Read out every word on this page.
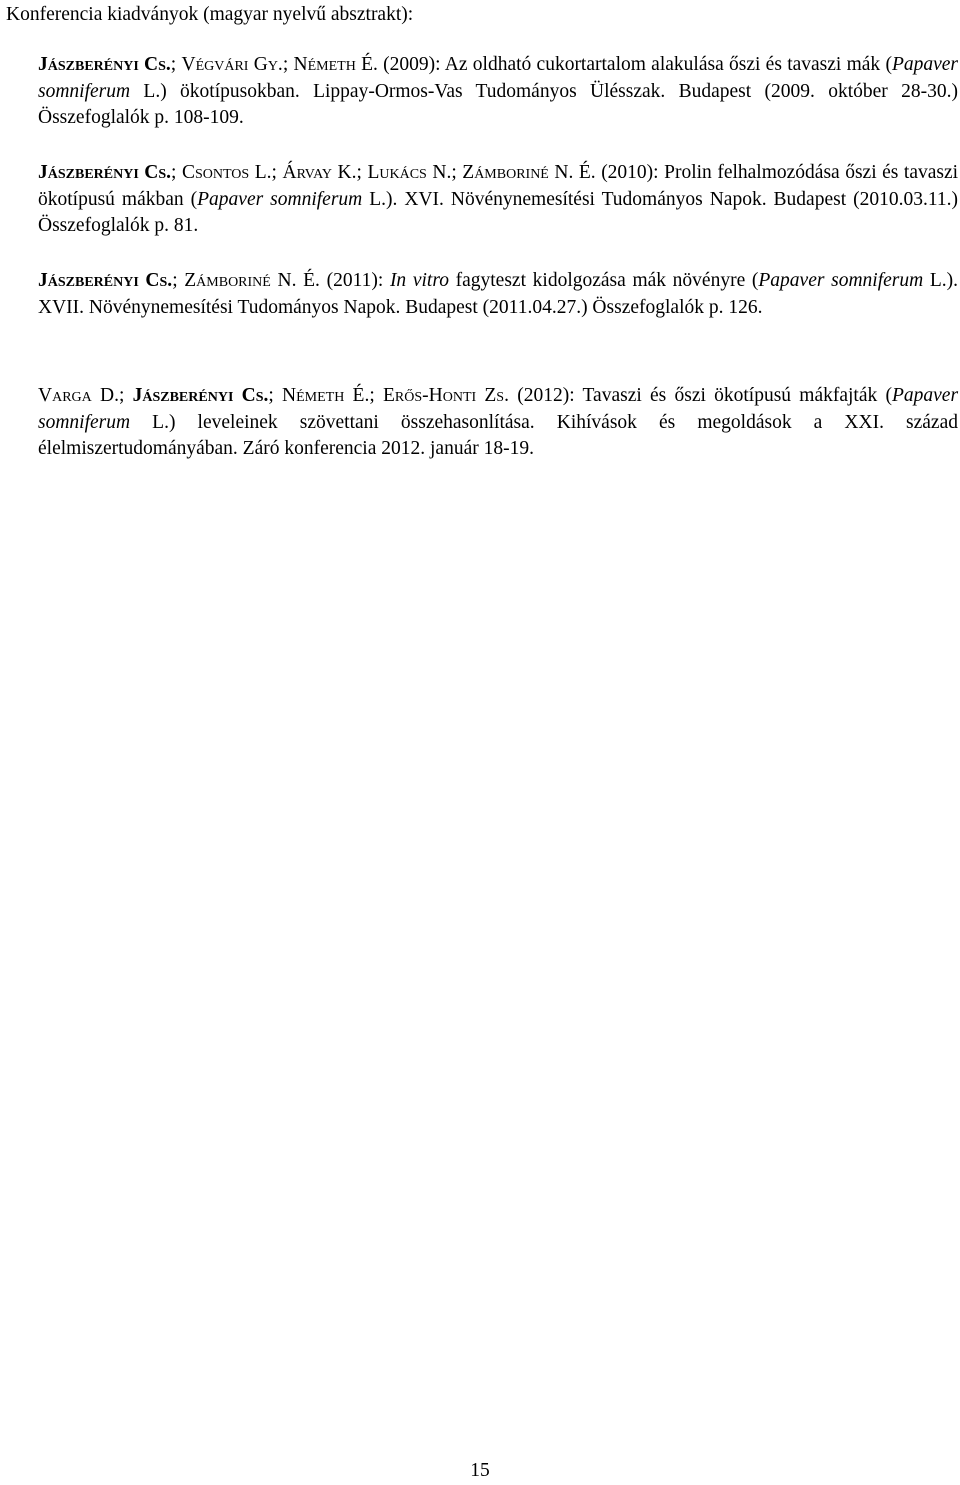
Konferencia kiadványok (magyar nyelvű absztrakt):

Jászberényi Cs.; Végvári Gy.; Németh É. (2009): Az oldható cukortartalom alakulása őszi és tavaszi mák (Papaver somniferum L.) ökotípusokban. Lippay-Ormos-Vas Tudományos Ülésszak. Budapest (2009. október 28-30.) Összefoglalók p. 108-109.

Jászberényi Cs.; Csontos L.; Árvay K.; Lukács N.; Zámboriné N. É. (2010): Prolin felhalmozódása őszi és tavaszi ökotípusú mákban (Papaver somniferum L.). XVI. Növénynemesítési Tudományos Napok. Budapest (2010.03.11.) Összefoglalók p. 81.

Jászberényi Cs.; Zámboriné N. É. (2011): In vitro fagyteszt kidolgozása mák növényre (Papaver somniferum L.). XVII. Növénynemesítési Tudományos Napok. Budapest (2011.04.27.) Összefoglalók p. 126.

Varga D.; Jászberényi Cs.; Németh É.; Erős-Honti Zs. (2012): Tavaszi és őszi ökotípusú mákfajták (Papaver somniferum L.) leveleinek szövettani összehasonlítása. Kihívások és megoldások a XXI. század élelmiszertudományában. Záró konferencia 2012. január 18-19.

15
